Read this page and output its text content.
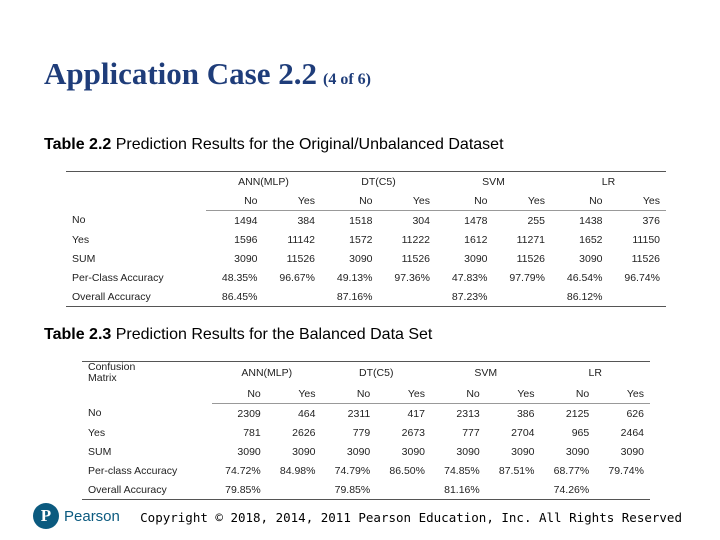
Application Case 2.2 (4 of 6)
Table 2.2 Prediction Results for the Original/Unbalanced Dataset
	ANN(MLP)		DT(C5)		SVM		LR	
	No	Yes	No	Yes	No	Yes	No	Yes
No	1494	384	1518	304	1478	255	1438	376
Yes	1596	11142	1572	11222	1612	11271	1652	11150
SUM	3090	11526	3090	11526	3090	11526	3090	11526
Per-Class Accuracy	48.35%	96.67%	49.13%	97.36%	47.83%	97.79%	46.54%	96.74%
Overall Accuracy	86.45%		87.16%		87.23%		86.12%	
Table 2.3 Prediction Results for the Balanced Data Set
Confusion
Matrix	ANN(MLP)		DT(C5)		SVM		LR	
	No	Yes	No	Yes	No	Yes	No	Yes
No	2309	464	2311	417	2313	386	2125	626
Yes	781	2626	779	2673	777	2704	965	2464
SUM	3090	3090	3090	3090	3090	3090	3090	3090
Per-class Accuracy	74.72%	84.98%	74.79%	86.50%	74.85%	87.51%	68.77%	79.74%
Overall Accuracy	79.85%		79.85%		81.16%		74.26%	
P Pearson Copyright © 2018, 2014, 2011 Pearson Education, Inc. All Rights Reserved
